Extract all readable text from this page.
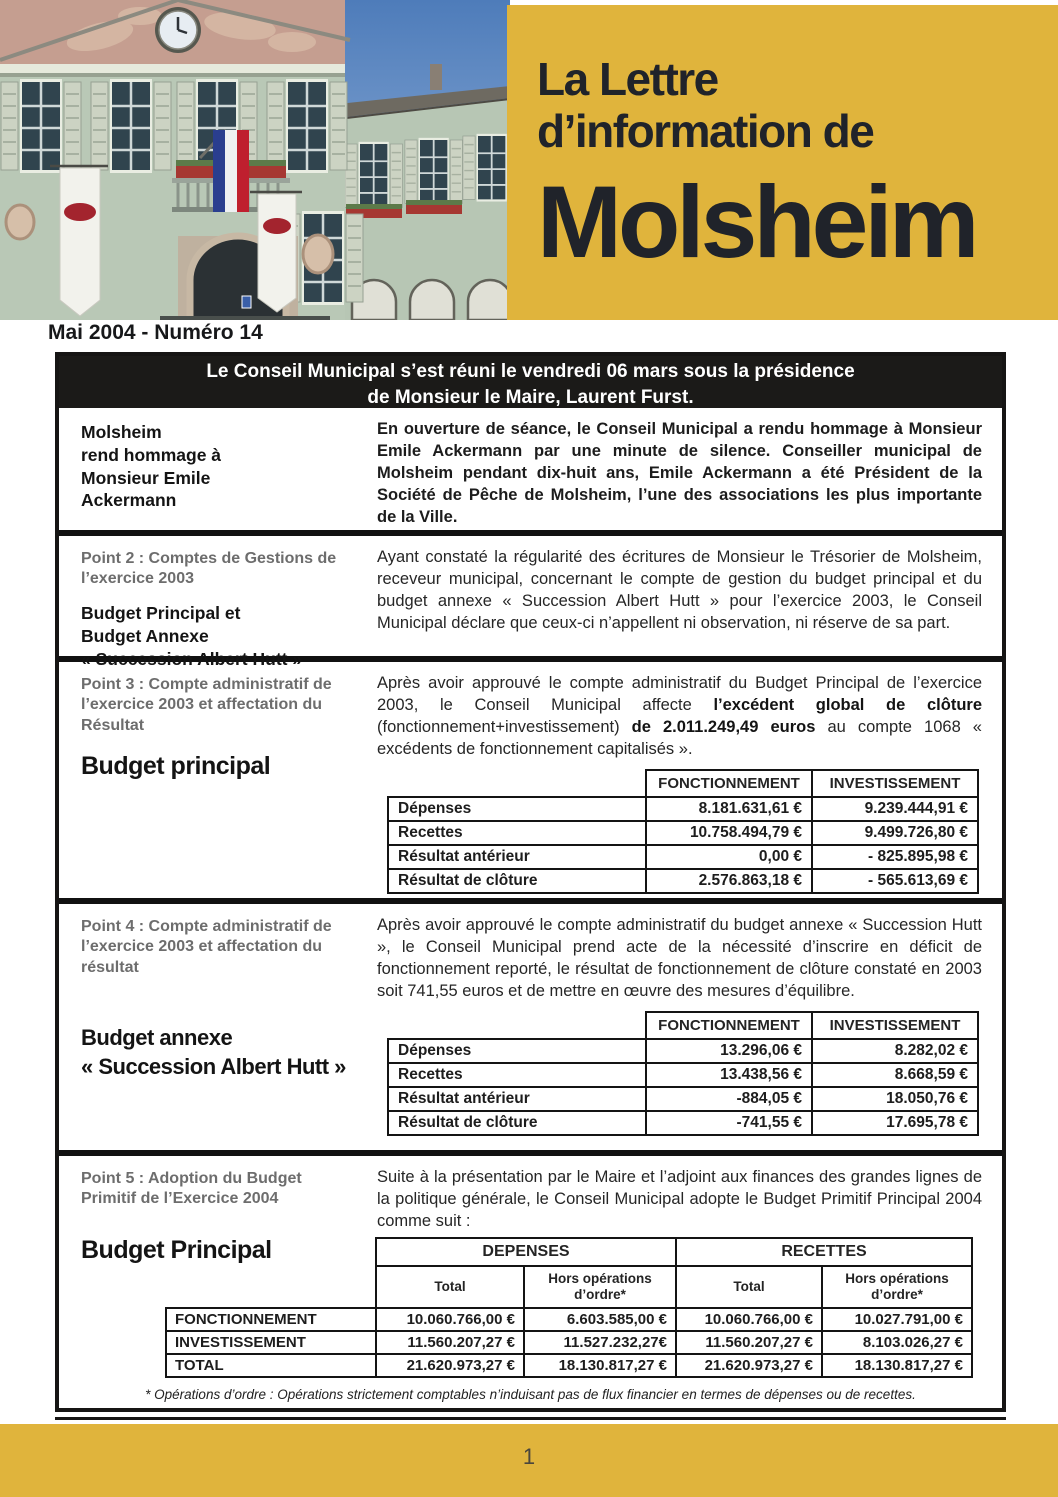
La Lettre
d’information de
Molsheim
Mai 2004 - Numéro 14
Le Conseil Municipal s’est réuni le vendredi 06 mars sous la présidence
de Monsieur le Maire, Laurent Furst.
Molsheim
rend hommage à
Monsieur Emile
Ackermann

En ouverture de séance, le Conseil Municipal a rendu hommage à Monsieur Emile Ackermann par une minute de silence. Conseiller municipal de Molsheim pendant dix-huit ans, Emile Ackermann a été Président de la Société de Pêche de Molsheim, l’une des associations les plus importante de la Ville.

Point 2 : Comptes de Gestions de l’exercice 2003
Budget Principal et
Budget Annexe
« Succession Albert Hutt »

Ayant constaté la régularité des écritures de Monsieur le Trésorier de Molsheim, receveur municipal, concernant le compte de gestion du budget principal et du budget annexe « Succession Albert Hutt » pour l’exercice 2003, le Conseil Municipal déclare que ceux-ci n’appellent ni observation, ni réserve de sa part.

Point 3 : Compte administratif de l’exercice 2003 et affectation du Résultat
Budget principal

Après avoir approuvé le compte administratif du Budget Principal de l’exercice 2003, le Conseil Municipal affecte l’excédent global de clôture (fonctionnement+investissement) de 2.011.249,49 euros au compte 1068 « excédents de fonctionnement capitalisés ».

	FONCTIONNEMENT	INVESTISSEMENT
Dépenses	8.181.631,61 €	9.239.444,91 €
Recettes	10.758.494,79 €	9.499.726,80 €
Résultat antérieur	0,00 €	- 825.895,98 €
Résultat de clôture	2.576.863,18 €	- 565.613,69 €
Point 4 : Compte administratif de l’exercice 2003 et affectation du résultat
Budget annexe
« Succession Albert Hutt »

Après avoir approuvé le compte administratif du budget annexe « Succession Hutt », le Conseil Municipal prend acte de la nécessité d’inscrire en déficit de fonctionnement reporté, le résultat de fonctionnement de clôture constaté en 2003 soit 741,55 euros et de mettre en œuvre des mesures d’équilibre.

	FONCTIONNEMENT	INVESTISSEMENT
Dépenses	13.296,06 €	8.282,02 €
Recettes	13.438,56 €	8.668,59 €
Résultat antérieur	-884,05 €	18.050,76 €
Résultat de clôture	-741,55 €	17.695,78 €
Point 5 : Adoption du Budget Primitif de l’Exercice 2004

Suite à la présentation par le Maire et l’adjoint aux finances des grandes lignes de la politique générale, le Conseil Municipal adopte le Budget Primitif Principal 2004 comme suit :

Budget Principal
		DEPENSES		RECETTES	
	Total	Hors opérations d’ordre*	Total	Hors opérations d’ordre*
FONCTIONNEMENT	10.060.766,00 €	6.603.585,00 €	10.060.766,00 €	10.027.791,00 €
INVESTISSEMENT	11.560.207,27 €	11.527.232,27€	11.560.207,27 €	8.103.026,27 €
TOTAL	21.620.973,27 €	18.130.817,27 €	21.620.973,27 €	18.130.817,27 €
* Opérations d’ordre : Opérations strictement comptables n’induisant pas de flux financier en termes de dépenses ou de recettes.
1
